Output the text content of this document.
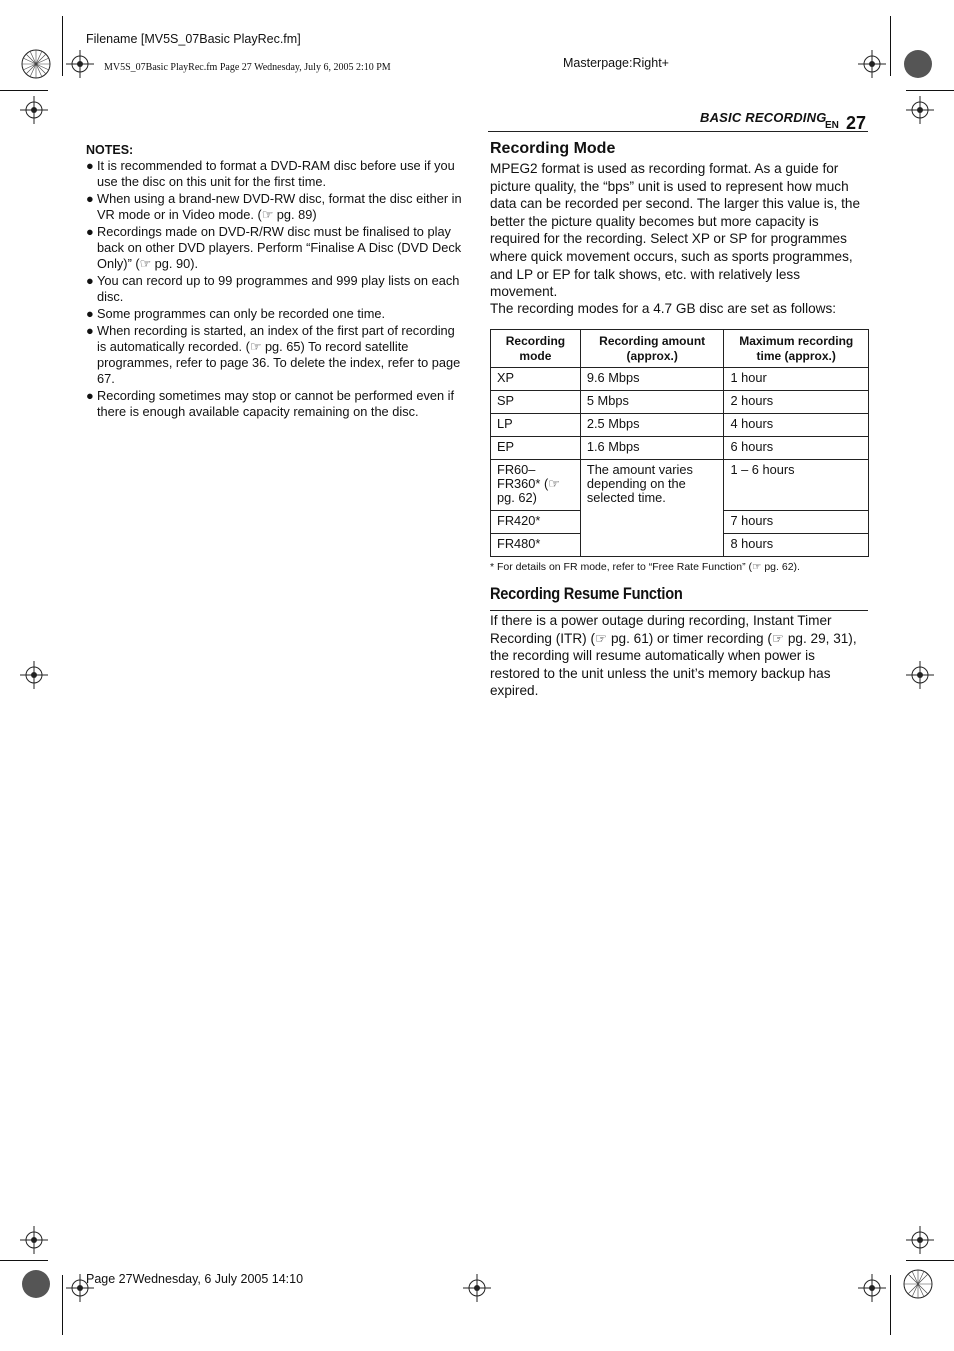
Filename [MV5S_07Basic PlayRec.fm]
MV5S_07Basic PlayRec.fm Page 27 Wednesday, July 6, 2005 2:10 PM	Masterpage:Right+
BASIC RECORDING
EN 27
NOTES:
● It is recommended to format a DVD-RAM disc before use if you use the disc on this unit for the first time.
● When using a brand-new DVD-RW disc, format the disc either in VR mode or in Video mode. (☞ pg. 89)
● Recordings made on DVD-R/RW disc must be finalised to play back on other DVD players. Perform “Finalise A Disc (DVD Deck Only)” (☞ pg. 90).
● You can record up to 99 programmes and 999 play lists on each disc.
● Some programmes can only be recorded one time.
● When recording is started, an index of the first part of recording is automatically recorded. (☞ pg. 65) To record satellite programmes, refer to page 36. To delete the index, refer to page 67.
● Recording sometimes may stop or cannot be performed even if there is enough available capacity remaining on the disc.
Recording Mode

MPEG2 format is used as recording format. As a guide for picture quality, the “bps” unit is used to represent how much data can be recorded per second. The larger this value is, the better the picture quality becomes but more capacity is required for the recording. Select XP or SP for programmes where quick movement occurs, such as sports programmes, and LP or EP for talk shows, etc. with relatively less movement.

The recording modes for a 4.7 GB disc are set as follows:

Recording mode	Recording amount (approx.)	Maximum recording time (approx.)
XP	9.6 Mbps	1 hour
SP	5 Mbps	2 hours
LP	2.5 Mbps	4 hours
EP	1.6 Mbps	6 hours
FR60– FR360* (☞ pg. 62)	The amount varies depending on the selected time.	1 – 6 hours
FR420*		7 hours
FR480*		8 hours
* For details on FR mode, refer to “Free Rate Function” (☞ pg. 62).
Recording Resume Function

If there is a power outage during recording, Instant Timer Recording (ITR) (☞ pg. 61) or timer recording (☞ pg. 29, 31), the recording will resume automatically when power is restored to the unit unless the unit’s memory backup has expired.

Page 27Wednesday, 6 July 2005 14:10
